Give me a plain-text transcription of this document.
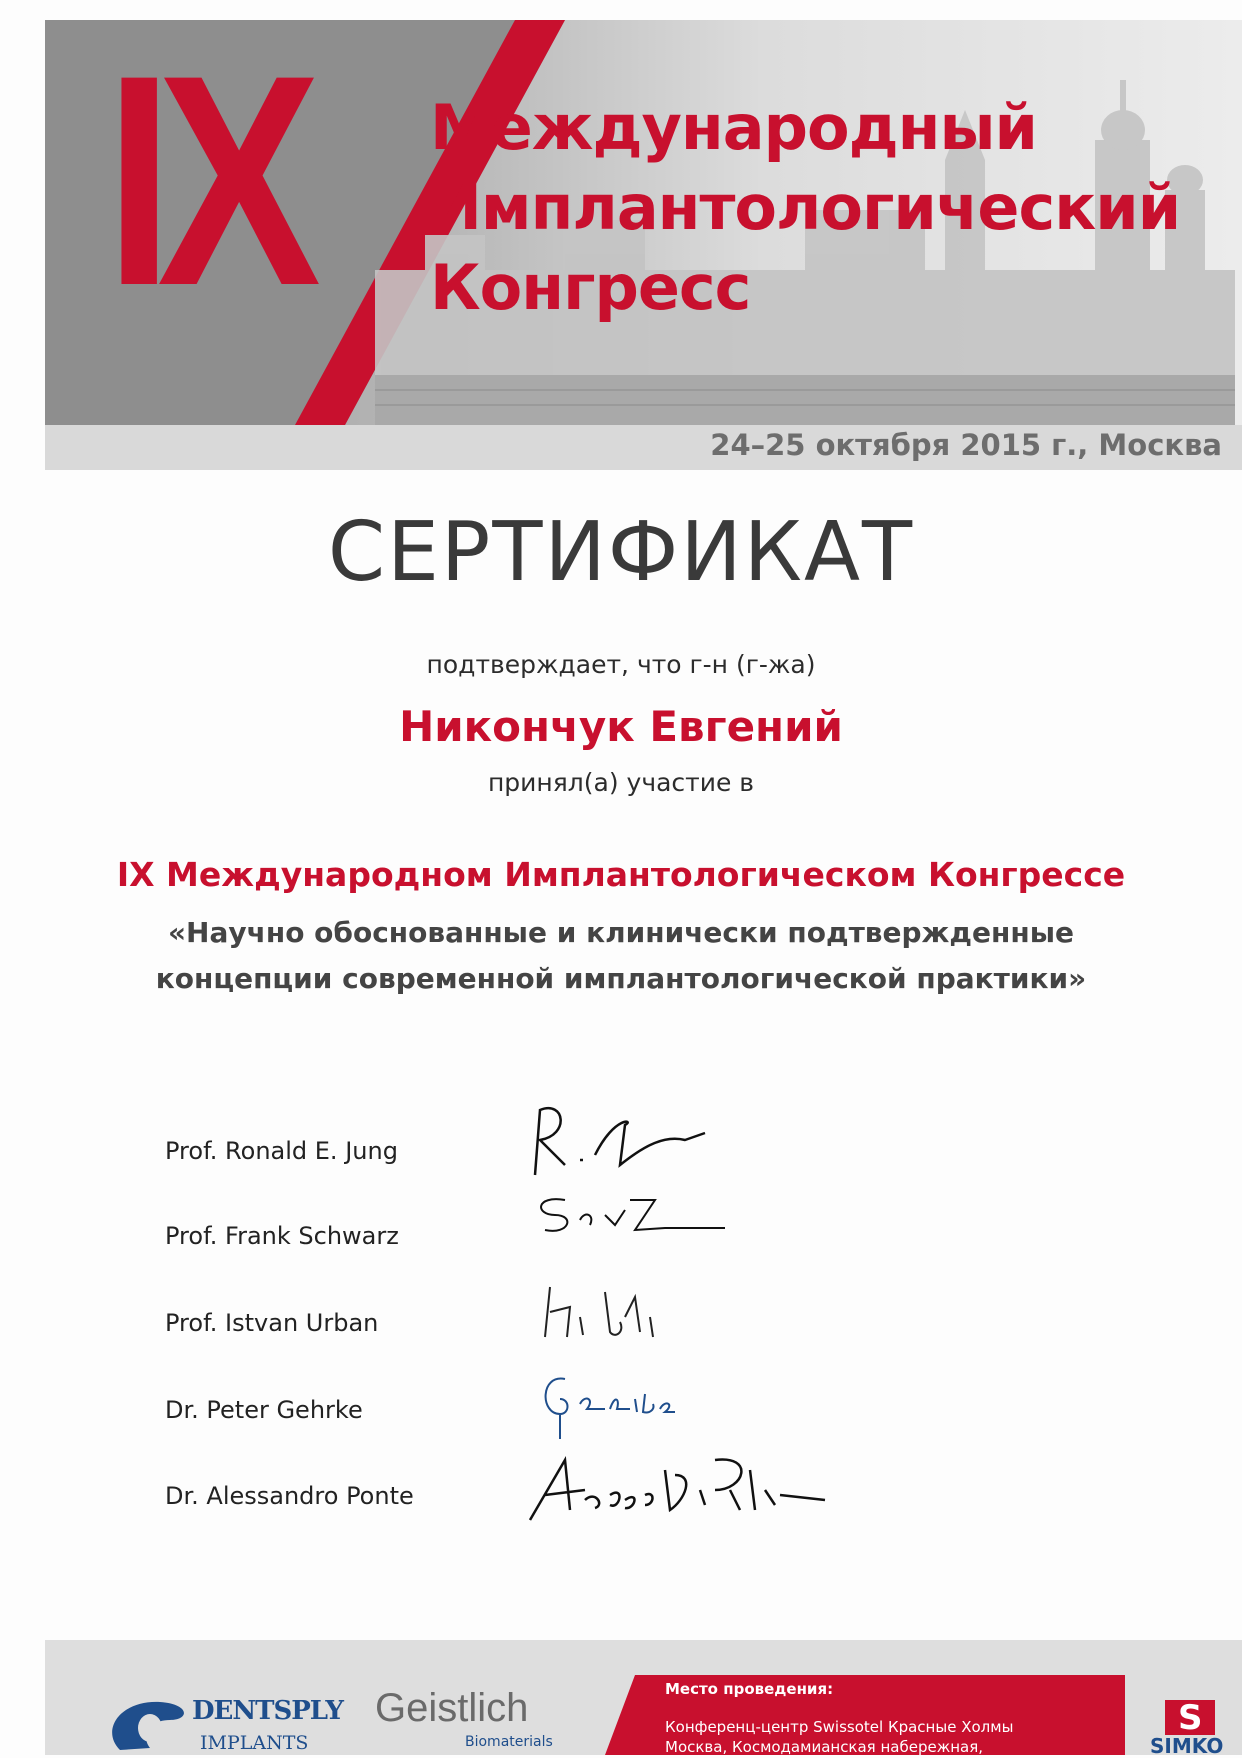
IX Международный
Имплантологический
Конгресс
24–25 октября 2015 г., Москва
СЕРТИФИКАТ
подтверждает, что г-н (г-жа)
Никончук Евгений
принял(а) участие в
IX Международном Имплантологическом Конгрессе
«Научно обоснованные и клинически подтвержденные
концепции современной имплантологической практики»
Prof. Ronald E. Jung
Prof. Frank Schwarz
Prof. Istvan Urban
Dr. Peter Gehrke
Dr. Alessandro Ponte
DENTSPLY
IMPLANTS
Geistlich
Biomaterials
Место проведения:
Конференц-центр Swissotel Красные Холмы
Москва, Космодамианская набережная,
S
SIMKO
